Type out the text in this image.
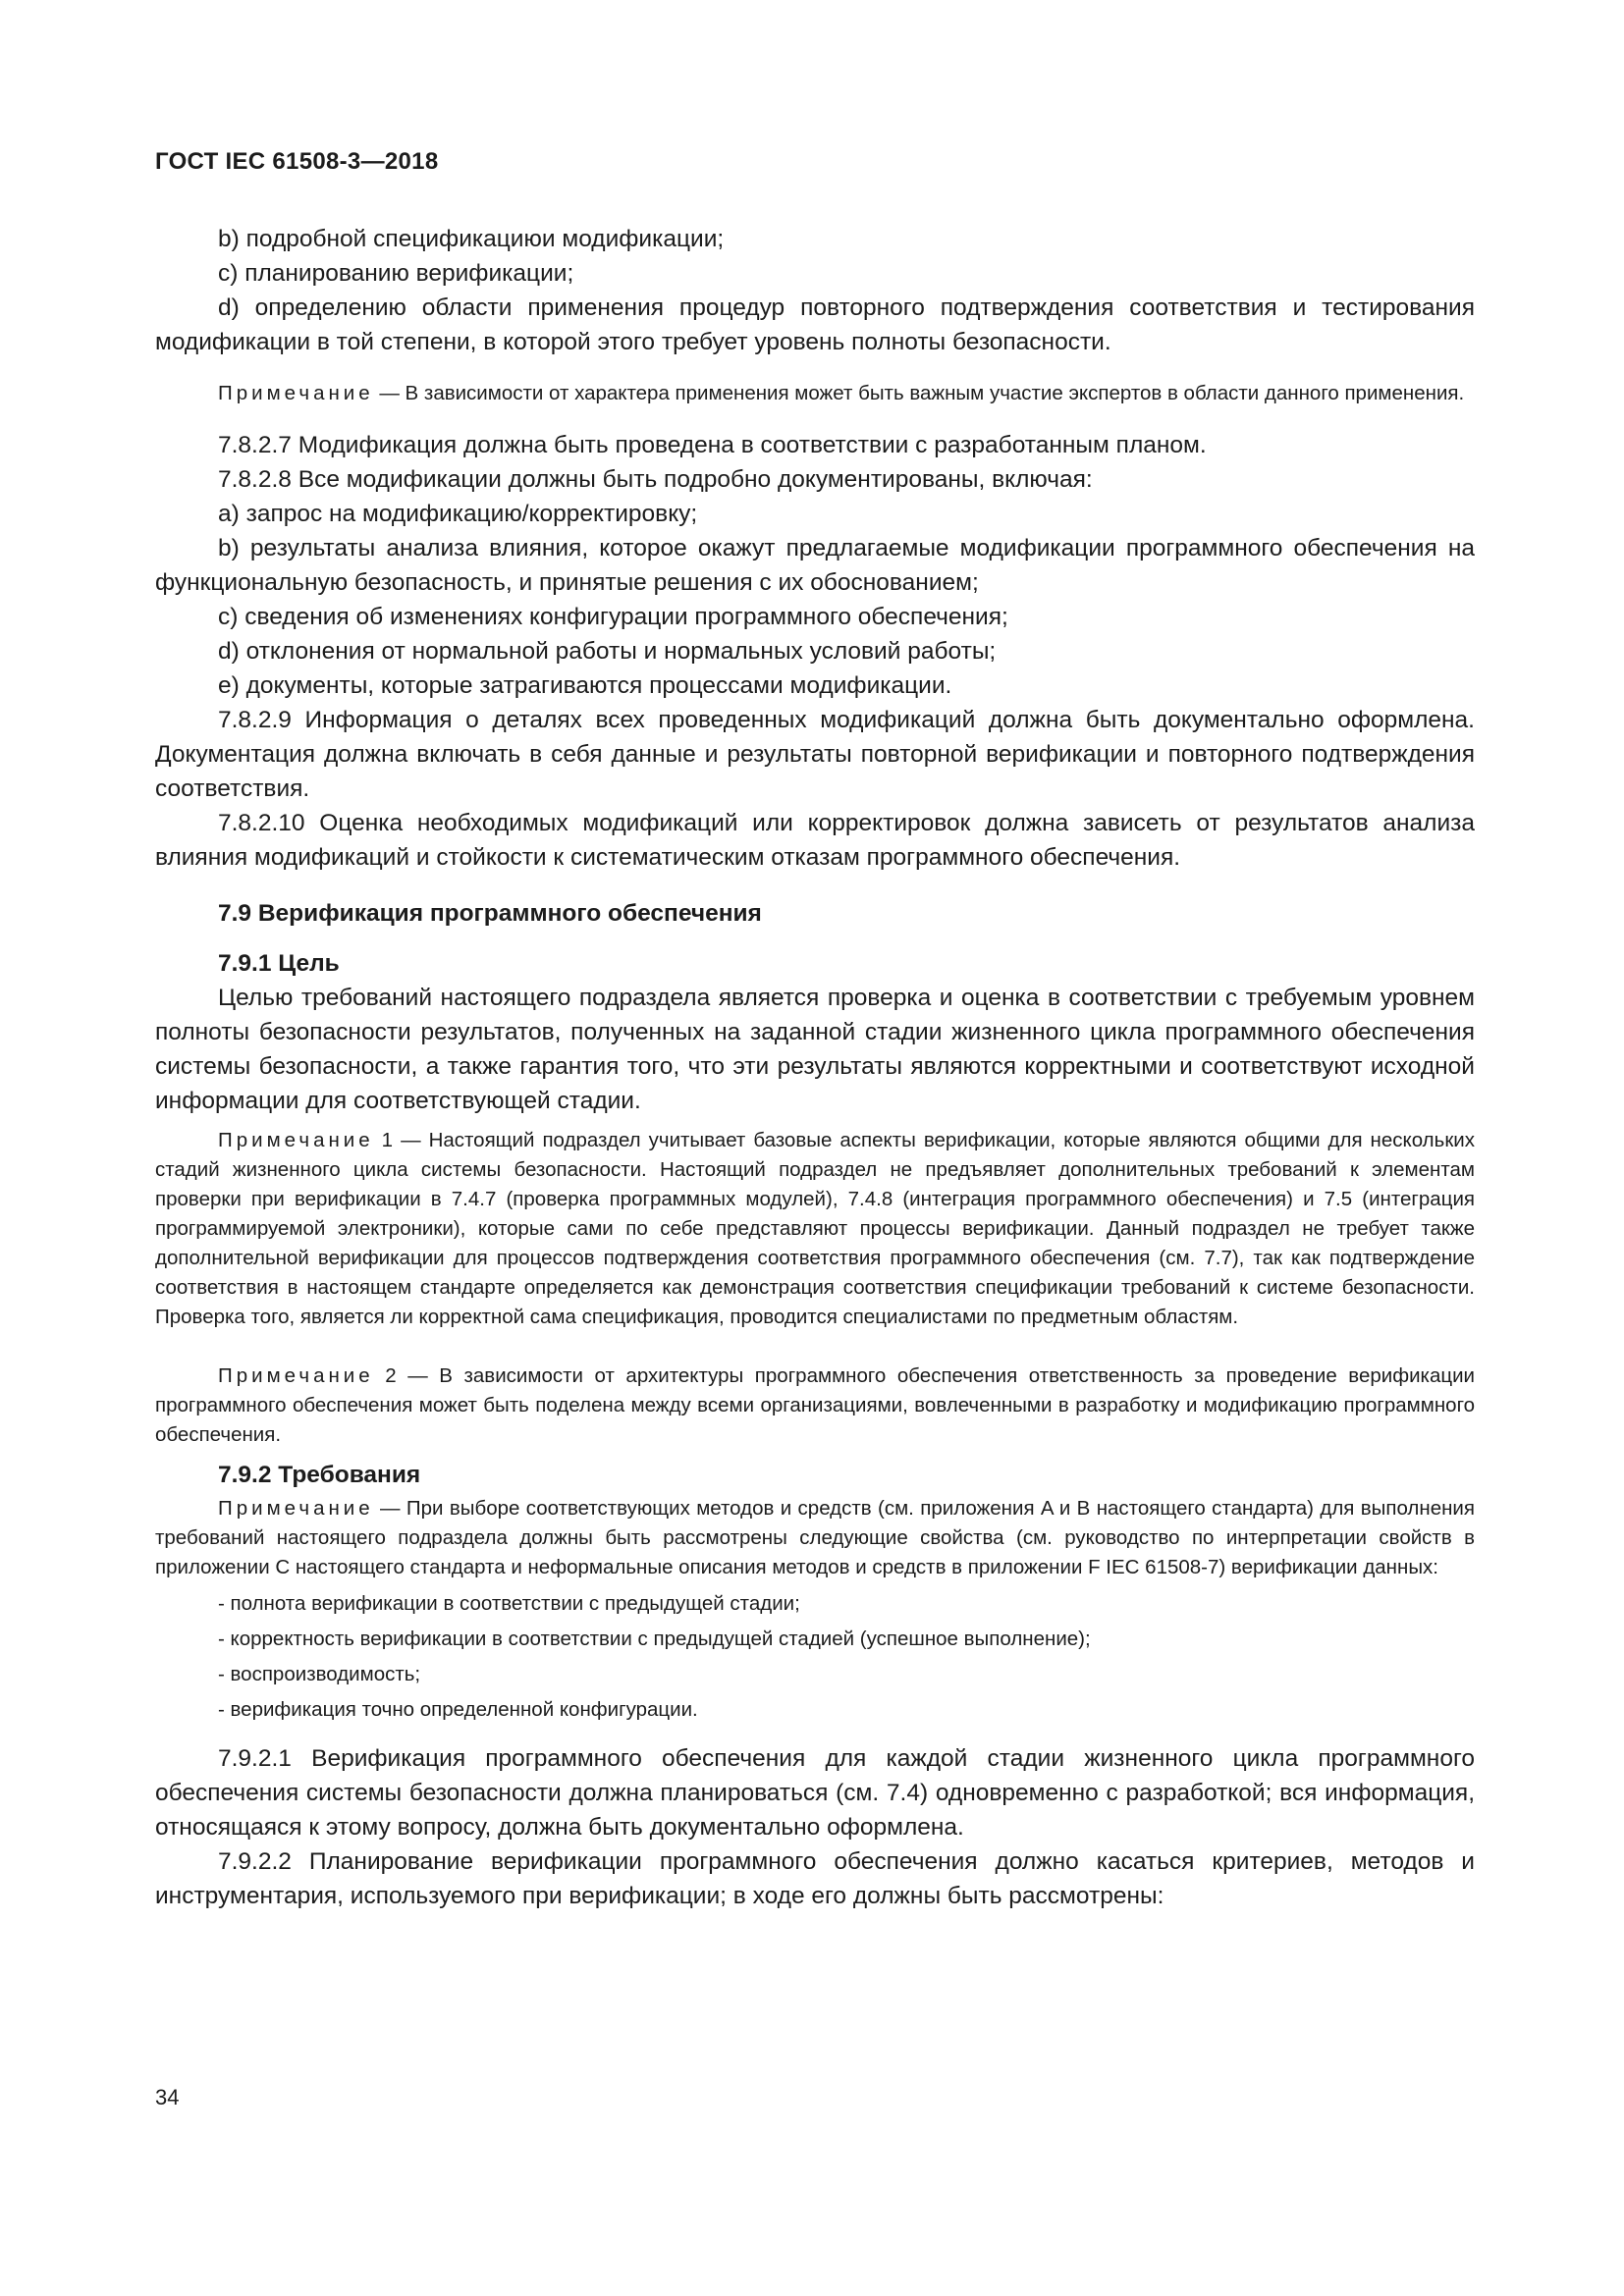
ГОСТ IEC 61508-3—2018

b) подробной спецификациюи модификации;

c) планированию верификации;

d) определению области применения процедур повторного подтверждения соответствия и тестирования модификации в той степени, в которой этого требует уровень полноты безопасности.

Примечание — В зависимости от характера применения может быть важным участие экспертов в области данного применения.

7.8.2.7 Модификация должна быть проведена в соответствии с разработанным планом.

7.8.2.8 Все модификации должны быть подробно документированы, включая:

a) запрос на модификацию/корректировку;

b) результаты анализа влияния, которое окажут предлагаемые модификации программного обеспечения на функциональную безопасность, и принятые решения с их обоснованием;

c) сведения об изменениях конфигурации программного обеспечения;

d) отклонения от нормальной работы и нормальных условий работы;

e) документы, которые затрагиваются процессами модификации.

7.8.2.9 Информация о деталях всех проведенных модификаций должна быть документально оформлена. Документация должна включать в себя данные и результаты повторной верификации и повторного подтверждения соответствия.

7.8.2.10 Оценка необходимых модификаций или корректировок должна зависеть от результатов анализа влияния модификаций и стойкости к систематическим отказам программного обеспечения.

7.9 Верификация программного обеспечения

7.9.1 Цель

Целью требований настоящего подраздела является проверка и оценка в соответствии с требуемым уровнем полноты безопасности результатов, полученных на заданной стадии жизненного цикла программного обеспечения системы безопасности, а также гарантия того, что эти результаты являются корректными и соответствуют исходной информации для соответствующей стадии.

Примечание 1 — Настоящий подраздел учитывает базовые аспекты верификации, которые являются общими для нескольких стадий жизненного цикла системы безопасности. Настоящий подраздел не предъявляет дополнительных требований к элементам проверки при верификации в 7.4.7 (проверка программных модулей), 7.4.8 (интеграция программного обеспечения) и 7.5 (интеграция программируемой электроники), которые сами по себе представляют процессы верификации. Данный подраздел не требует также дополнительной верификации для процессов подтверждения соответствия программного обеспечения (см. 7.7), так как подтверждение соответствия в настоящем стандарте определяется как демонстрация соответствия спецификации требований к системе безопасности. Проверка того, является ли корректной сама спецификация, проводится специалистами по предметным областям.

Примечание 2 — В зависимости от архитектуры программного обеспечения ответственность за проведение верификации программного обеспечения может быть поделена между всеми организациями, вовлеченными в разработку и модификацию программного обеспечения.

7.9.2 Требования

Примечание — При выборе соответствующих методов и средств (см. приложения A и B настоящего стандарта) для выполнения требований настоящего подраздела должны быть рассмотрены следующие свойства (см. руководство по интерпретации свойств в приложении C настоящего стандарта и неформальные описания методов и средств в приложении F IEC 61508-7) верификации данных:

- полнота верификации в соответствии с предыдущей стадии;

- корректность верификации в соответствии с предыдущей стадией (успешное выполнение);

- воспроизводимость;

- верификация точно определенной конфигурации.

7.9.2.1 Верификация программного обеспечения для каждой стадии жизненного цикла программного обеспечения системы безопасности должна планироваться (см. 7.4) одновременно с разработкой; вся информация, относящаяся к этому вопросу, должна быть документально оформлена.

7.9.2.2 Планирование верификации программного обеспечения должно касаться критериев, методов и инструментария, используемого при верификации; в ходе его должны быть рассмотрены:

34
